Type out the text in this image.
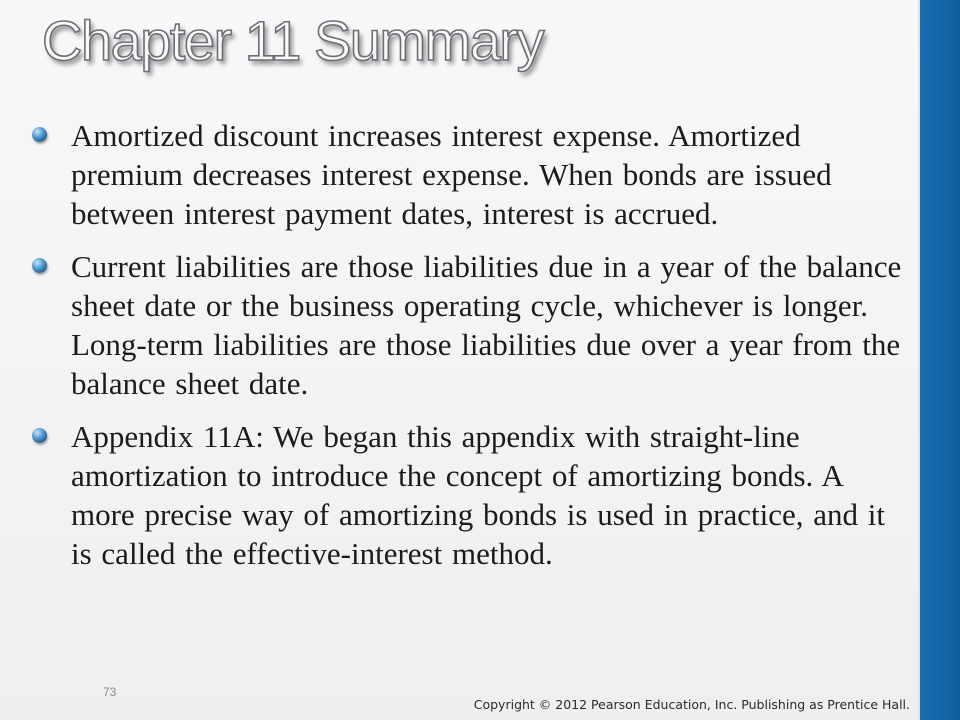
Chapter 11 Summary
Amortized discount increases interest expense. Amortized premium decreases interest expense. When bonds are issued between interest payment dates, interest is accrued.
Current liabilities are those liabilities due in a year of the balance sheet date or the business operating cycle, whichever is longer. Long-term liabilities are those liabilities due over a year from the balance sheet date.
Appendix 11A: We began this appendix with straight-line amortization to introduce the concept of amortizing bonds. A more precise way of amortizing bonds is used in practice, and it is called the effective-interest method.
73
Copyright © 2012 Pearson Education, Inc. Publishing as Prentice Hall.
